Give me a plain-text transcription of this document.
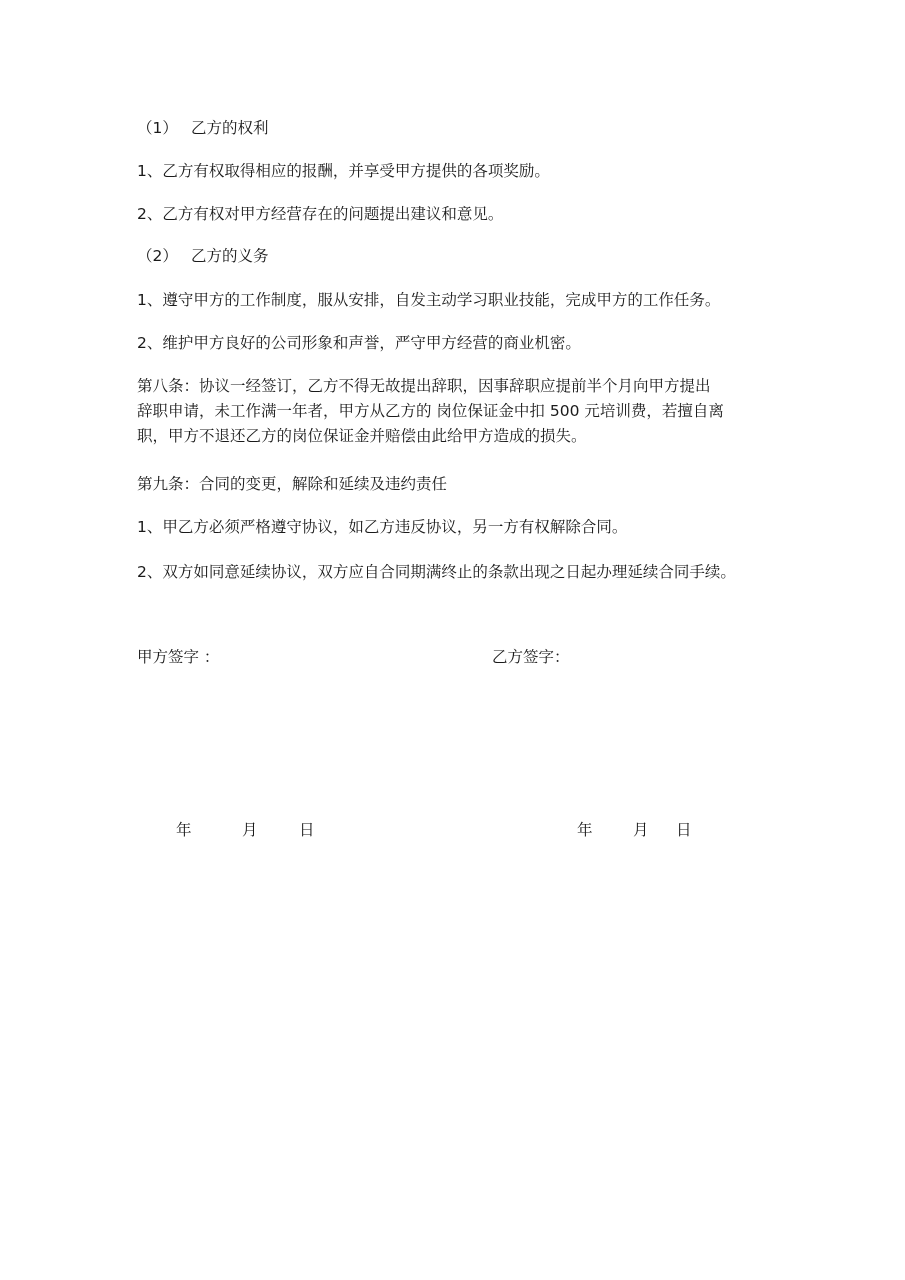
（1） 乙方的权利
1、乙方有权取得相应的报酬，并享受甲方提供的各项奖励。
2、乙方有权对甲方经营存在的问题提出建议和意见。
（2） 乙方的义务
1、遵守甲方的工作制度，服从安排，自发主动学习职业技能，完成甲方的工作任务。
2、维护甲方良好的公司形象和声誉，严守甲方经营的商业机密。
第八条：协议一经签订，乙方不得无故提出辞职，因事辞职应提前半个月向甲方提出
辞职申请，未工作满一年者，甲方从乙方的 岗位保证金中扣 500 元培训费，若擅自离
职，甲方不退还乙方的岗位保证金并赔偿由此给甲方造成的损失。
第九条：合同的变更，解除和延续及违约责任
1、甲乙方必须严格遵守协议，如乙方违反协议，另一方有权解除合同。
2、双方如同意延续协议，双方应自合同期满终止的条款出现之日起办理延续合同手续。
甲方签字 ：	乙方签字：
年	月	日	年	月 日
